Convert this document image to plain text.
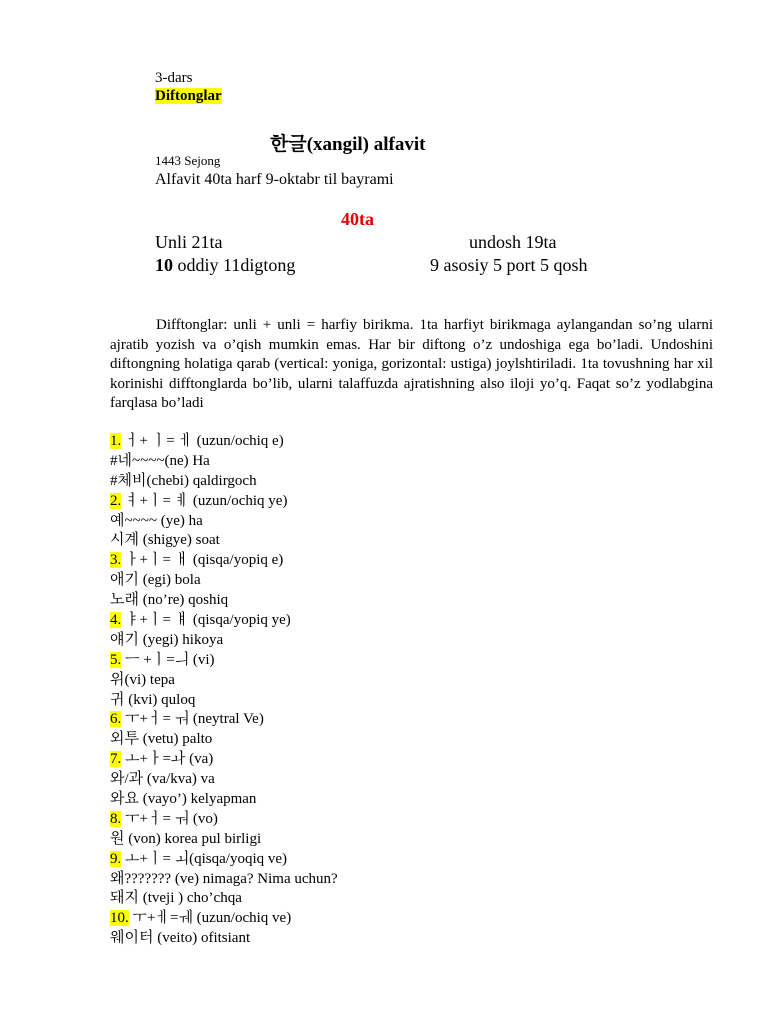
3-dars
Diftonglar
한글(xangil) alfavit
1443 Sejong
Alfavit 40ta harf 9-oktabr til bayrami
40ta
Unli 21ta	undosh 19ta
10 oddiy 11digtong	9 asosiy 5 port 5 qosh
Difftonglar: unli + unli = harfiy birikma. 1ta harfiyt birikmaga aylangandan so’ng ularni ajratib yozish va o’qish mumkin emas. Har bir diftong o’z undoshiga ega bo’ladi. Undoshini diftongning holatiga qarab (vertical: yoniga, gorizontal: ustiga) joylshtiriladi. 1ta tovushning har xil korinishi difftonglarda bo’lib, ularni talaffuzda ajratishning also iloji yo’q. Faqat so’z yodlabgina farqlasa bo’ladi
1. ㅓ+ ㅣ= ㅔ (uzun/ochiq e)
#네~~~~(ne) Ha
#체비(chebi) qaldirgoch
2. ㅕ+ㅣ= ㅖ (uzun/ochiq ye)
예~~~~ (ye) ha
시계 (shigye) soat
3. ㅏ+ㅣ= ㅐ (qisqa/yopiq e)
애기 (egi) bola
노래 (no’re) qoshiq
4. ㅑ+ㅣ= ㅒ (qisqa/yopiq ye)
얘기 (yegi) hikoya
5. ㅡ +ㅣ=ㅢ (vi)
위(vi) tepa
귀 (kvi) quloq
6. ㅜ+ㅓ= ㅝ (neytral Ve)
외투 (vetu) palto
7. ㅗ+ㅏ=ㅘ (va)
와/과 (va/kva) va
와요 (vayo’) kelyapman
8. ㅜ+ㅓ= ㅝ (vo)
원 (von) korea pul birligi
9. ㅗ+ㅣ= ㅚ(qisqa/yoqiq ve)
왜??????? (ve) nimaga? Nima uchun?
돼지 (tveji ) cho’chqa
10. ㅜ+ㅔ=ㅞ (uzun/ochiq ve)
웨이터 (veito) ofitsiant
